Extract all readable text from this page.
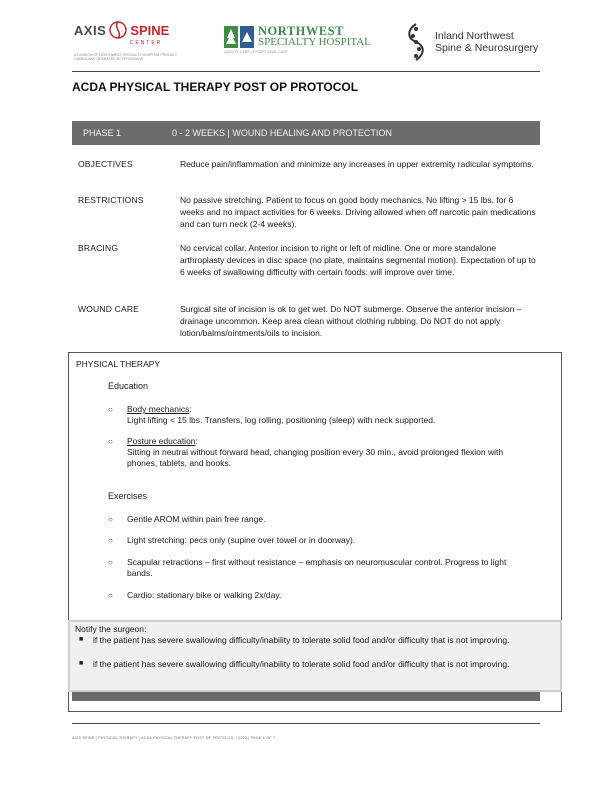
AXIS SPINE
CENTER
A DIVISION OF NORTHWEST SPECIALTY HOSPITAL PROUDLY OWNED AND OPERATED BY PHYSICIANS
NORTHWEST
SPECIALTY HOSPITAL
QUALITY CARE • EXCEPTIONAL CARE
Inland Northwest
Spine & Neurosurgery
ACDA PHYSICAL THERAPY POST OP PROTOCOL
PHASE 1	0 - 2 WEEKS | WOUND HEALING AND PROTECTION
OBJECTIVES	Reduce pain/inflammation and minimize any increases in upper extremity radicular symptoms.
RESTRICTIONS	No passive stretching. Patient to focus on good body mechanics. No lifting > 15 lbs. for 6 weeks and no impact activities for 6 weeks. Driving allowed when off narcotic pain medications and can turn neck (2-4 weeks).
BRACING	No cervical collar. Anterior incision to right or left of midline. One or more standalone arthroplasty devices in disc space (no plate, maintains segmental motion). Expectation of up to 6 weeks of swallowing difficulty with certain foods: will improve over time.
WOUND CARE	Surgical site of incision is ok to get wet. Do NOT submerge. Observe the anterior incision – drainage uncommon. Keep area clean without clothing rubbing. Do NOT do not apply lotion/balms/ointments/oils to incision.
PHYSICAL THERAPY
Education
○ Body mechanics:
Light lifting < 15 lbs. Transfers, log rolling, positioning (sleep) with neck supported.
○ Posture education:
Sitting in neutral without forward head, changing position every 30 min., avoid prolonged flexion with phones, tablets, and books.
Exercises
○ Gentle AROM within pain free range.
○ Light stretching: pecs only (supine over towel or in doorway).
○ Scapular retractions – first without resistance – emphasis on neuromuscular control. Progress to light bands.
○ Cardio: stationary bike or walking 2x/day.
Notify the surgeon:
■ if the patient has severe swallowing difficulty/inability to tolerate solid food and/or difficulty that is not improving.
■ if the patient has severe swallowing difficulty/inability to tolerate solid food and/or difficulty that is not improving.
AXIS SPINE | PHYSICAL THERAPY | ACDA PHYSICAL THERAPY POST OP PROTOCOL | 2023 | PAGE 1 OF 7
